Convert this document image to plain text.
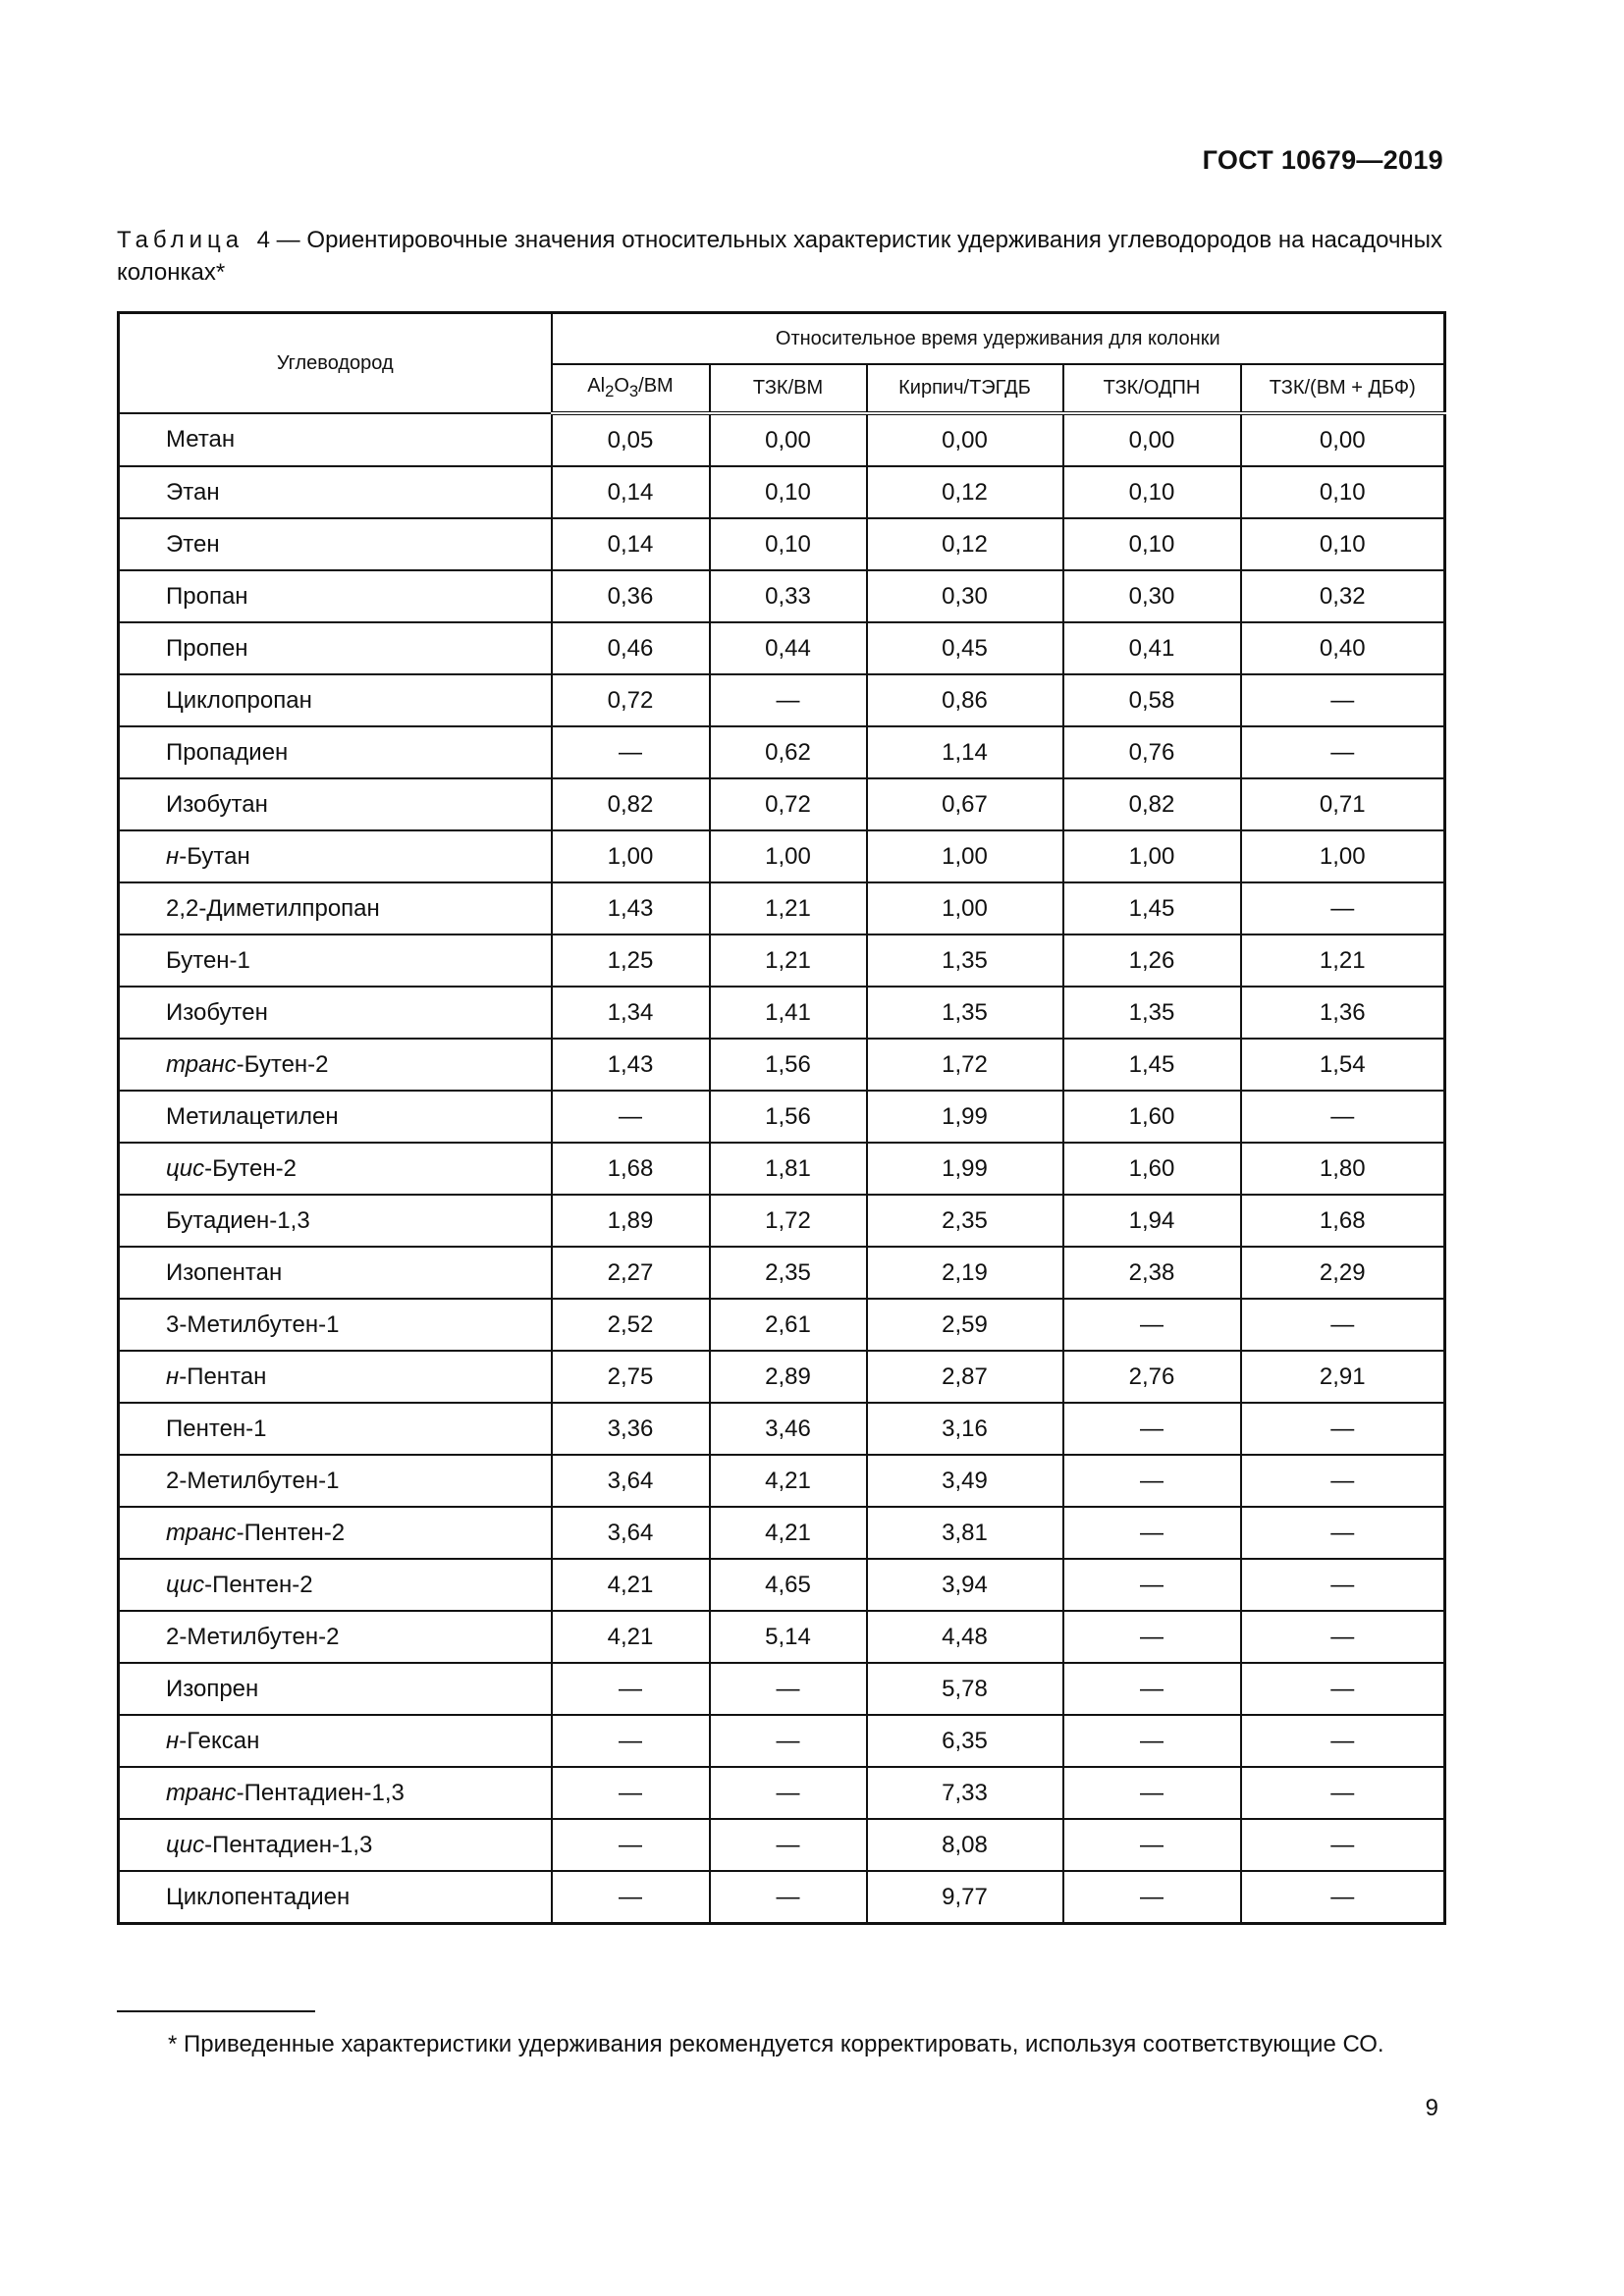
ГОСТ 10679—2019
Таблица 4 — Ориентировочные значения относительных характеристик удерживания углеводородов на насадочных колонках*
Углеводород	Относительное время удерживания для колонки				
	$Al_2O_3/ВМ$	ТЗК/ВМ	Кирпич/ТЭГДБ	ТЗК/ОДПН	ТЗК/(ВМ + ДБФ)
Метан	0,05	0,00	0,00	0,00	0,00
Этан	0,14	0,10	0,12	0,10	0,10
Этен	0,14	0,10	0,12	0,10	0,10
Пропан	0,36	0,33	0,30	0,30	0,32
Пропен	0,46	0,44	0,45	0,41	0,40
Циклопропан	0,72	—	0,86	0,58	—
Пропадиен	—	0,62	1,14	0,76	—
Изобутан	0,82	0,72	0,67	0,82	0,71
н-Бутан	1,00	1,00	1,00	1,00	1,00
2,2-Диметилпропан	1,43	1,21	1,00	1,45	—
Бутен-1	1,25	1,21	1,35	1,26	1,21
Изобутен	1,34	1,41	1,35	1,35	1,36
транс-Бутен-2	1,43	1,56	1,72	1,45	1,54
Метилацетилен	—	1,56	1,99	1,60	—
цис-Бутен-2	1,68	1,81	1,99	1,60	1,80
Бутадиен-1,3	1,89	1,72	2,35	1,94	1,68
Изопентан	2,27	2,35	2,19	2,38	2,29
3-Метилбутен-1	2,52	2,61	2,59	—	—
н-Пентан	2,75	2,89	2,87	2,76	2,91
Пентен-1	3,36	3,46	3,16	—	—
2-Метилбутен-1	3,64	4,21	3,49	—	—
транс-Пентен-2	3,64	4,21	3,81	—	—
цис-Пентен-2	4,21	4,65	3,94	—	—
2-Метилбутен-2	4,21	5,14	4,48	—	—
Изопрен	—	—	5,78	—	—
н-Гексан	—	—	6,35	—	—
транс-Пентадиен-1,3	—	—	7,33	—	—
цис-Пентадиен-1,3	—	—	8,08	—	—
Циклопентадиен	—	—	9,77	—	—
* Приведенные характеристики удерживания рекомендуется корректировать, используя соответствующие СО.
9
